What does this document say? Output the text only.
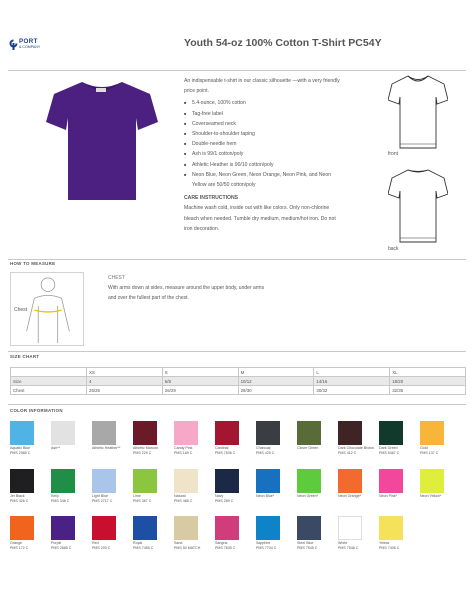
PORT
& COMPANY	Youth 54-oz 100% Cotton T-Shirt PC54Y
An indispensable t-shirt in our classic silhouette —with a very friendly price point.
■ 5.4-ounce, 100% cotton
■ Tag-free label
■ Coverseamed neck
■ Shoulder-to-shoulder taping
■ Double-needle hem
■ Ash is 99/1 cotton/poly
■ Athletic Heather is 90/10 cotton/poly
■ Neon Blue, Neon Green, Neon Orange, Neon Pink, and Neon Yellow are 50/50 cotton/poly
CARE INSTRUCTIONS
Machine wash cold, inside out with like colors. Only non-chlorine bleach when needed. Tumble dry medium, medium/hot iron. Do not iron decoration.
front
back
HOW TO MEASURE
Chest
CHEST
With arms down at sides, measure around the upper body, under arms and over the fullest part of the chest.
SIZE CHART
	XS	S	M	L	XL
Size	4	6/8	10/12	14/16	18/20
Chest	25/26	26/29	29/30	30/32	32/35
COLOR INFORMATION
Aquatic Blue
PMS 2985 C
Ash**	Athletic Heather**	Athletic Maroon
PMS 229 C
Candy Pink
PMS 189 C
Cardinal
PMS 7636 C
Charcoal
PMS 425 C
Clover Green	Dark Chocolate Brown
PMS 412 C
Dark Green
PMS 5467 C
Gold
PMS 137 C
Jet Black
PMS 426 C
Kelly
PMS 348 C
Light Blue
PMS 2717 C
Lime
PMS 367 C
Natural
PMS 468 C
Navy
PMS 289 C
Neon Blue*	Neon Green*	Neon Orange*	Neon Pink*	Neon Yellow*
Orange
PMS 172 C
Purple
PMS 2685 C
Red
PMS 200 C
Royal
PMS 7455 C
Sand
PMS 50 MATCH
Sangria
PMS 7635 C
Sapphire
PMS 7704 C
Steel Blue
PMS 7545 C
White
PMS 7548 C
Yellow
PMS 7406 C
